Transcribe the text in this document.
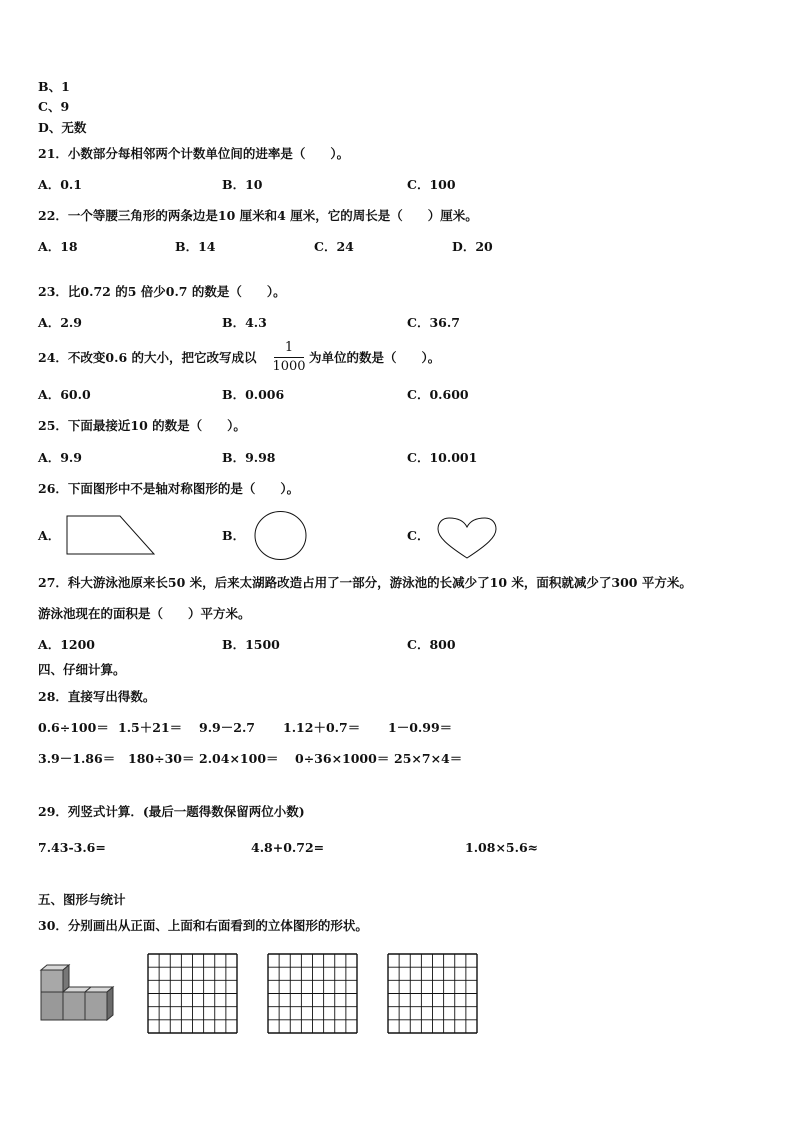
B、1
C、9
D、无数
21．小数部分每相邻两个计数单位间的进率是（　　）。
A．0.1	B．10	C．100
22．一个等腰三角形的两条边是10 厘米和4 厘米，它的周长是（　　）厘米。
A．18	B．14	C．24	D．20
23．比0.72 的5 倍少0.7 的数是（　　）。
A．2.9	B．4.3	C．36.7
24．不改变0.6 的大小，把它改写成以
1
1000
为单位的数是（　　）。
A．60.0	B．0.006	C．0.600
25．下面最接近10 的数是（　　）。
A．9.9	B．9.98	C．10.001
26．下面图形中不是轴对称图形的是（　　）。
A．	B．	C．
27．科大游泳池原来长50 米，后来太湖路改造占用了一部分，游泳池的长减少了10 米，面积就减少了300 平方米。
游泳池现在的面积是（　　）平方米。
A．1200	B．1500	C．800
四、仔细计算。
28．直接写出得数。
0.6÷100＝ 1.5＋21＝ 9.9－2.7 1.12＋0.7＝ 1－0.99＝
3.9－1.86＝ 180÷30＝ 2.04×100＝ 0÷36×1000＝ 25×7×4＝
29．列竖式计算．(最后一题得数保留两位小数)
7.43-3.6=	4.8+0.72=	1.08×5.6≈
五、图形与统计
30．分别画出从正面、上面和右面看到的立体图形的形状。
